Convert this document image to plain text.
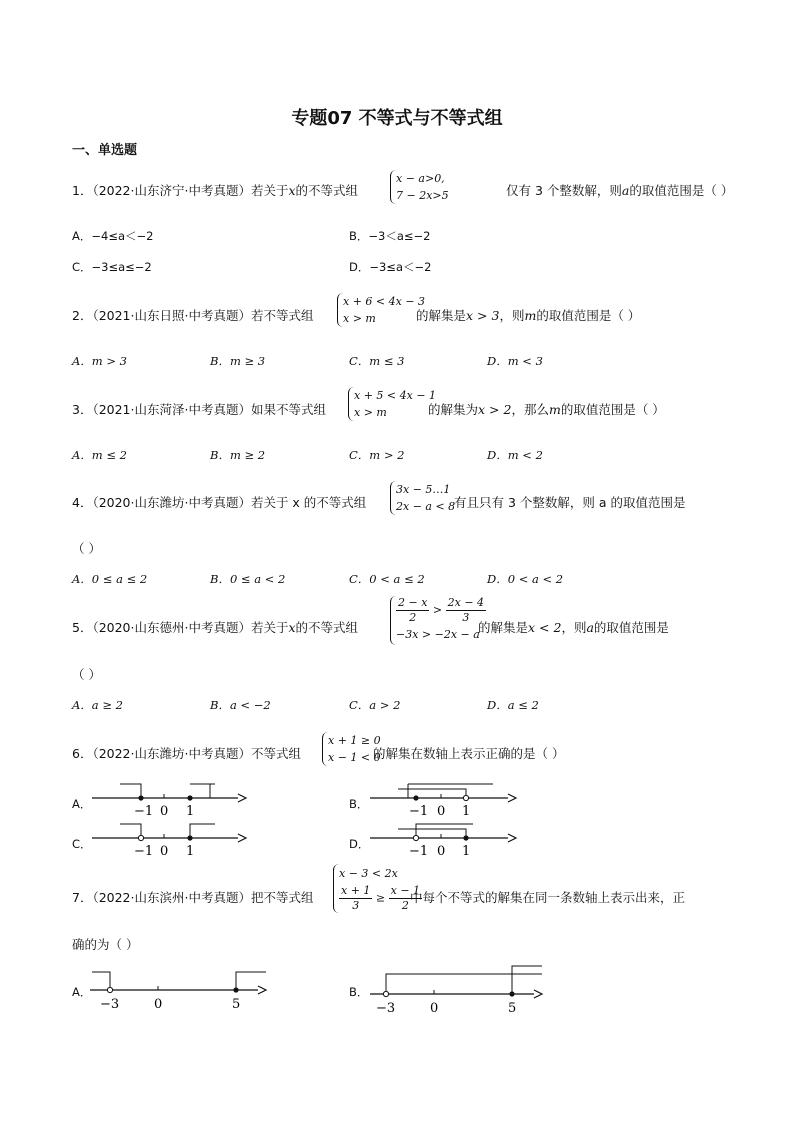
专题07 不等式与不等式组
一、单选题
1．（2022·山东济宁·中考真题）若关于x的不等式组
x − a>0,
7 − 2x>5	仅有 3 个整数解，则a的取值范围是（ ）
A．−4≤a＜−2	B．−3＜a≤−2
C．−3≤a≤−2	D．−3≤a＜−2
2．（2021·山东日照·中考真题）若不等式组
x + 6 < 4x − 3
x > m	的解集是x > 3，则m的取值范围是（ ）
A．m > 3	B．m ≥ 3	C．m ≤ 3	D．m < 3
3．（2021·山东菏泽·中考真题）如果不等式组
x + 5 < 4x − 1
x > m	的解集为x > 2，那么m的取值范围是（ ）
A．m ≤ 2	B．m ≥ 2	C．m > 2	D．m < 2
4．（2020·山东潍坊·中考真题）若关于 x 的不等式组
3x − 5…1
2x − a < 8
有且只有 3 个整数解，则 a 的取值范围是
（ ）
A．0 ≤ a ≤ 2	B．0 ≤ a < 2	C．0 < a ≤ 2	D．0 < a < 2
5．（2020·山东德州·中考真题）若关于x的不等式组
$\frac{2 - x}{2} > \frac{2x - 4}{3}$
−3x > −2x − a
的解集是x < 2，则a的取值范围是
（ ）
A．a ≥ 2	B．a < −2	C．a > 2	D．a ≤ 2
6．（2022·山东潍坊·中考真题）不等式组
x + 1 ≥ 0
x − 1 < 0
的解集在数轴上表示正确的是（ ）
A．	−1 0 1	B．	−1 0 1
C．	−1 0 1	D．	−1 0 1
7．（2022·山东滨州·中考真题）把不等式组
x − 3 < 2x
$\frac{x + 1}{3} \ge \frac{x - 1}{2}$
中每个不等式的解集在同一条数轴上表示出来，正
确的为（ ）
A．
−3	0	5
B．
−3	0	5
